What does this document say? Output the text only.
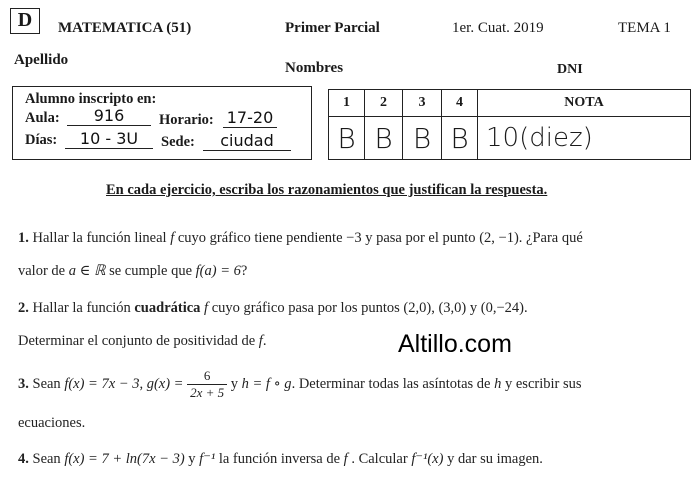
D	MATEMATICA (51)	Primer Parcial	1er. Cuat. 2019	TEMA 1
Apellido	Nombres	DNI
Alumno inscripto en:
Aula:	916	Horario: 17-20
Días:	10 - 3U	Sede:	ciudad
1	2	3	4	NOTA
B	B	B	B	10(diez)
En cada ejercicio, escriba los razonamientos que justifican la respuesta.
1. Hallar la función lineal f cuyo gráfico tiene pendiente −3 y pasa por el punto (2, −1). ¿Para qué
valor de a ∈ ℝ se cumple que f(a) = 6?
2. Hallar la función cuadrática f cuyo gráfico pasa por los puntos (2,0), (3,0) y (0,−24).
Determinar el conjunto de positividad de f.	Altillo.com
3. Sean f(x) = 7x − 3, $g(x) = \frac{6}{2x + 5}$ y h = f ∘ g. Determinar todas las asíntotas de h y escribir sus
ecuaciones.
4. Sean f(x) = 7 + ln(7x − 3) y f⁻¹ la función inversa de f . Calcular f⁻¹(x) y dar su imagen.
